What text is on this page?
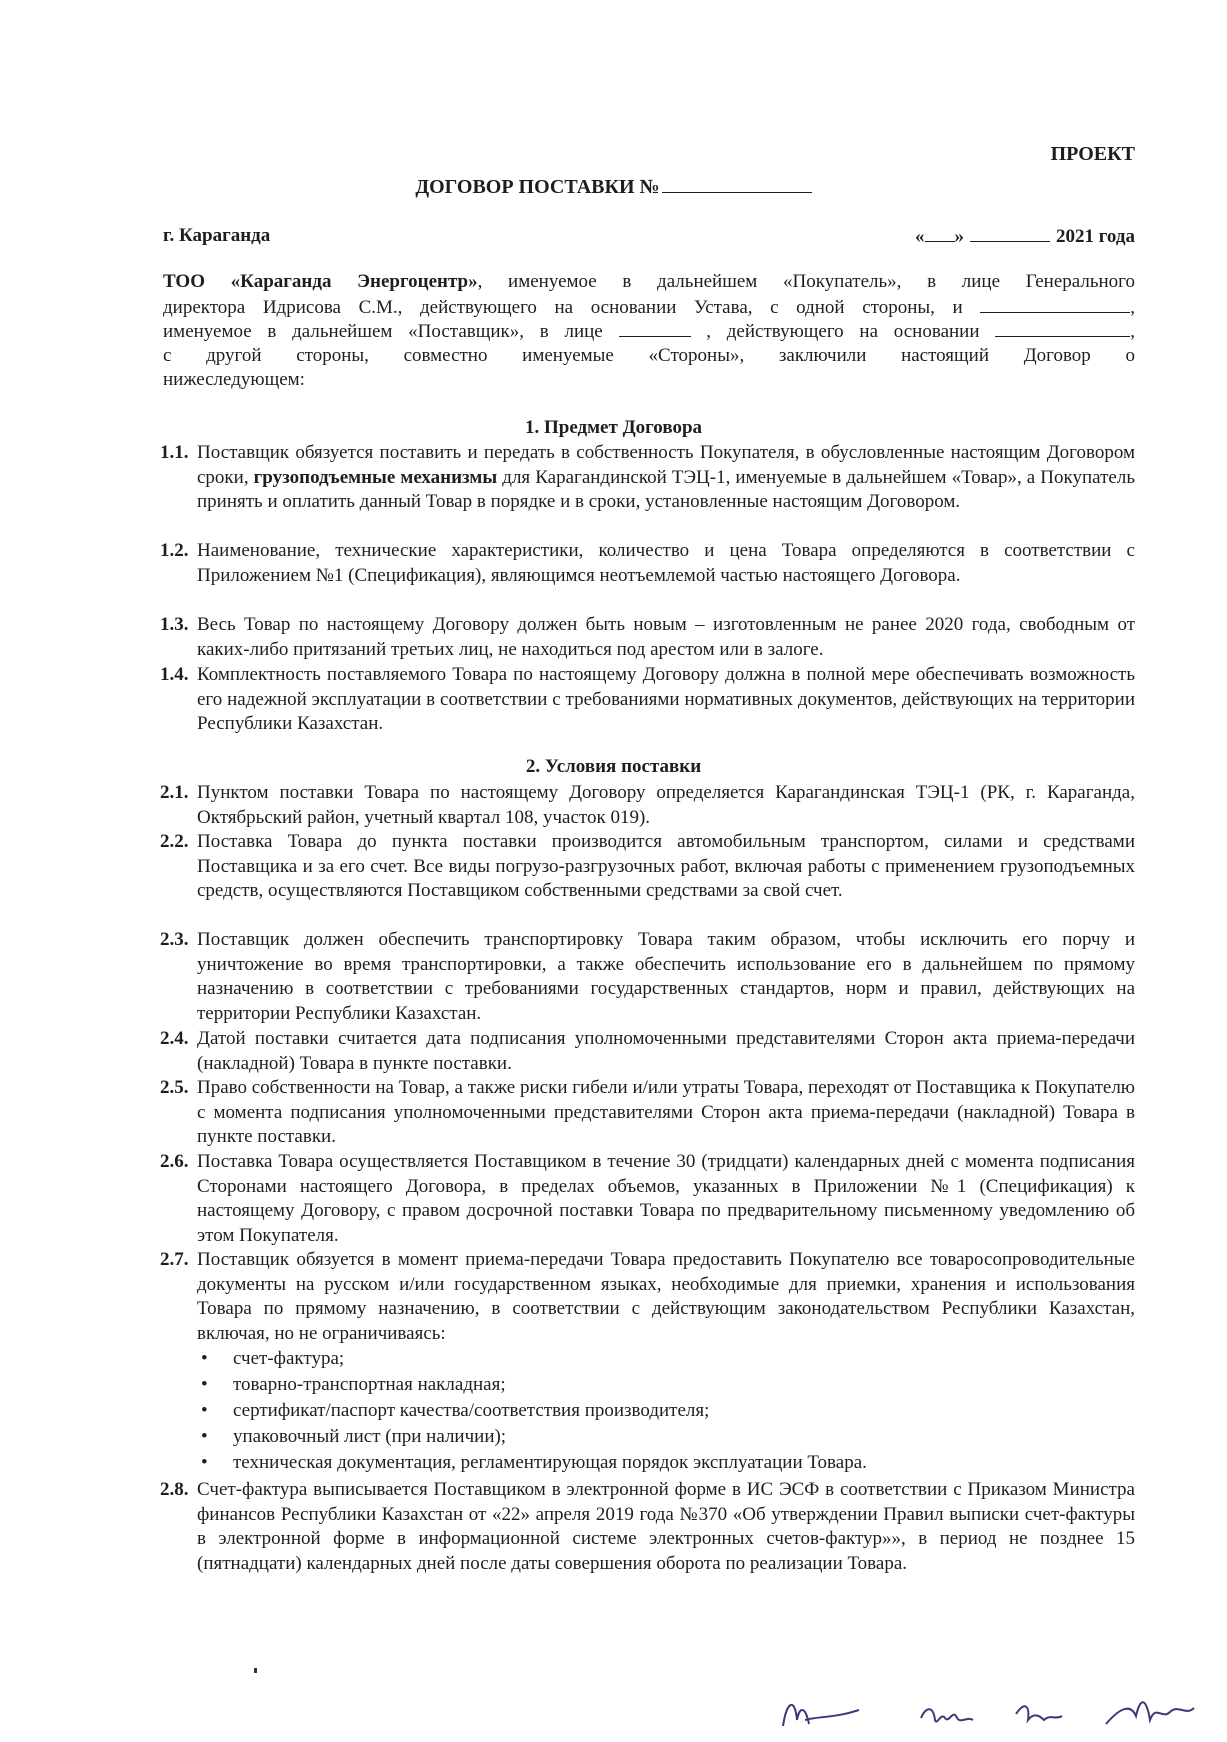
ПРОЕКТ
ДОГОВОР ПОСТАВКИ №
г. Караганда	« »	2021 года
ТОО «Караганда Энергоцентр», именуемое в дальнейшем «Покупатель», в лице Генерального
директора Идрисова С.М., действующего на основании Устава, с одной стороны, и	,
именуемое в дальнейшем «Поставщик», в лице	, действующего на основании	,
с другой стороны, совместно именуемые «Стороны», заключили настоящий Договор о
нижеследующем:
1. Предмет Договора
1.1. Поставщик обязуется поставить и передать в собственность Покупателя, в обусловленные настоящим Договором сроки, грузоподъемные механизмы для Карагандинской ТЭЦ-1, именуемые в дальнейшем «Товар», а Покупатель принять и оплатить данный Товар в порядке и в сроки, установленные настоящим Договором.
1.2. Наименование, технические характеристики, количество и цена Товара определяются в соответствии с Приложением №1 (Спецификация), являющимся неотъемлемой частью настоящего Договора.
1.3. Весь Товар по настоящему Договору должен быть новым – изготовленным не ранее 2020 года, свободным от каких-либо притязаний третьих лиц, не находиться под арестом или в залоге.
1.4. Комплектность поставляемого Товара по настоящему Договору должна в полной мере обеспечивать возможность его надежной эксплуатации в соответствии с требованиями нормативных документов, действующих на территории Республики Казахстан.
2. Условия поставки
2.1. Пунктом поставки Товара по настоящему Договору определяется Карагандинская ТЭЦ-1 (РК, г. Караганда, Октябрьский район, учетный квартал 108, участок 019).
2.2. Поставка Товара до пункта поставки производится автомобильным транспортом, силами и средствами Поставщика и за его счет. Все виды погрузо-разгрузочных работ, включая работы с применением грузоподъемных средств, осуществляются Поставщиком собственными средствами за свой счет.
2.3. Поставщик должен обеспечить транспортировку Товара таким образом, чтобы исключить его порчу и уничтожение во время транспортировки, а также обеспечить использование его в дальнейшем по прямому назначению в соответствии с требованиями государственных стандартов, норм и правил, действующих на территории Республики Казахстан.
2.4. Датой поставки считается дата подписания уполномоченными представителями Сторон акта приема-передачи (накладной) Товара в пункте поставки.
2.5. Право собственности на Товар, а также риски гибели и/или утраты Товара, переходят от Поставщика к Покупателю с момента подписания уполномоченными представителями Сторон акта приема-передачи (накладной) Товара в пункте поставки.
2.6. Поставка Товара осуществляется Поставщиком в течение 30 (тридцати) календарных дней с момента подписания Сторонами настоящего Договора, в пределах объемов, указанных в Приложении №1 (Спецификация) к настоящему Договору, с правом досрочной поставки Товара по предварительному письменному уведомлению об этом Покупателя.
2.7. Поставщик обязуется в момент приема-передачи Товара предоставить Покупателю все товаросопроводительные документы на русском и/или государственном языках, необходимые для приемки, хранения и использования Товара по прямому назначению, в соответствии с действующим законодательством Республики Казахстан, включая, но не ограничиваясь:
• счет-фактура;
• товарно-транспортная накладная;
• сертификат/паспорт качества/соответствия производителя;
• упаковочный лист (при наличии);
• техническая документация, регламентирующая порядок эксплуатации Товара.
2.8. Счет-фактура выписывается Поставщиком в электронной форме в ИС ЭСФ в соответствии с Приказом Министра финансов Республики Казахстан от «22» апреля 2019 года №370 «Об утверждении Правил выписки счет-фактуры в электронной форме в информационной системе электронных счетов-фактур»», в период не позднее 15 (пятнадцати) календарных дней после даты совершения оборота по реализации Товара.
